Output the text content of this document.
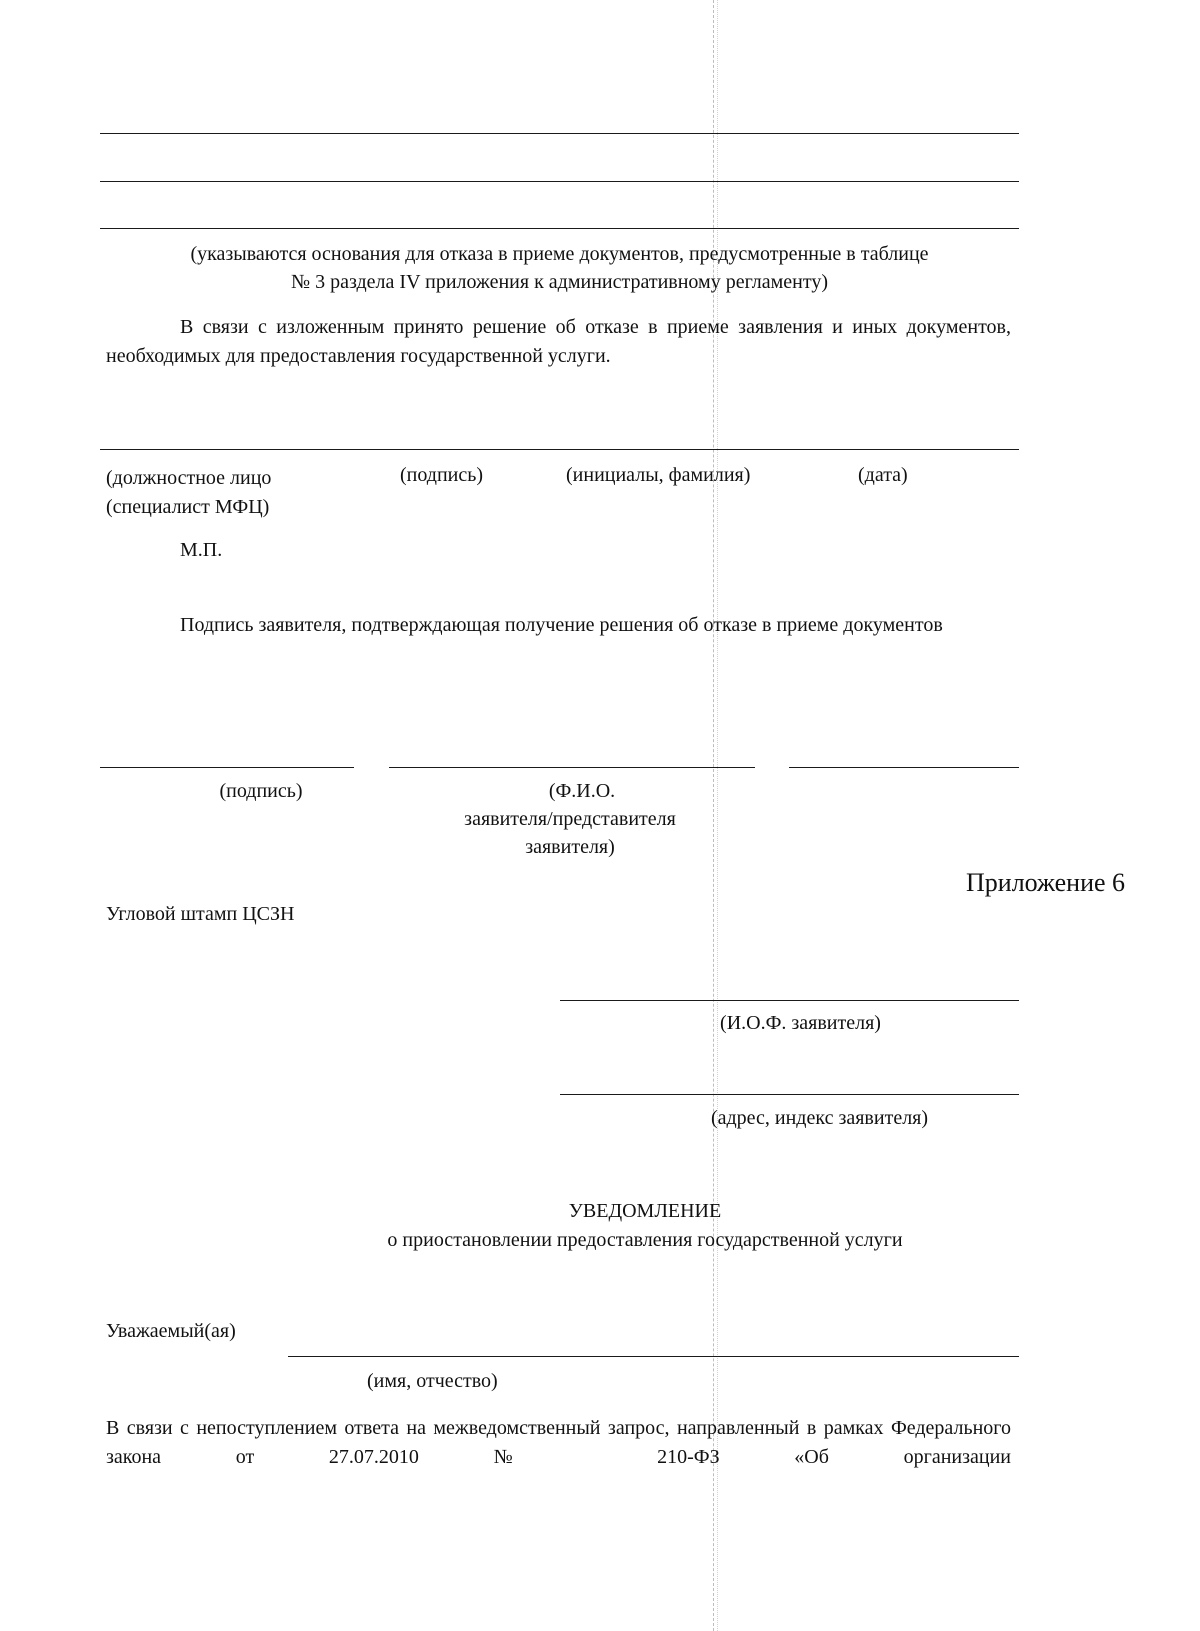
(указываются основания для отказа в приеме документов, предусмотренные в таблице
№ 3 раздела IV приложения к административному регламенту)
В связи с изложенным принято решение об отказе в приеме заявления и иных документов, необходимых для предоставления государственной услуги.
(должностное лицо
(специалист МФЦ)
(подпись)	(инициалы, фамилия)	(дата)
М.П.
Подпись заявителя, подтверждающая получение решения об отказе в приеме документов
(подпись)	(Ф.И.О.
заявителя/представителя
заявителя)
Приложение 6
Угловой штамп ЦСЗН
(И.О.Ф. заявителя)
(адрес, индекс заявителя)
УВЕДОМЛЕНИЕ
о приостановлении предоставления государственной услуги
Уважаемый(ая)
(имя, отчество)
В связи с непоступлением ответа на межведомственный запрос, направленный в рамках Федерального закона от 27.07.2010 № 210-ФЗ «Об организации
